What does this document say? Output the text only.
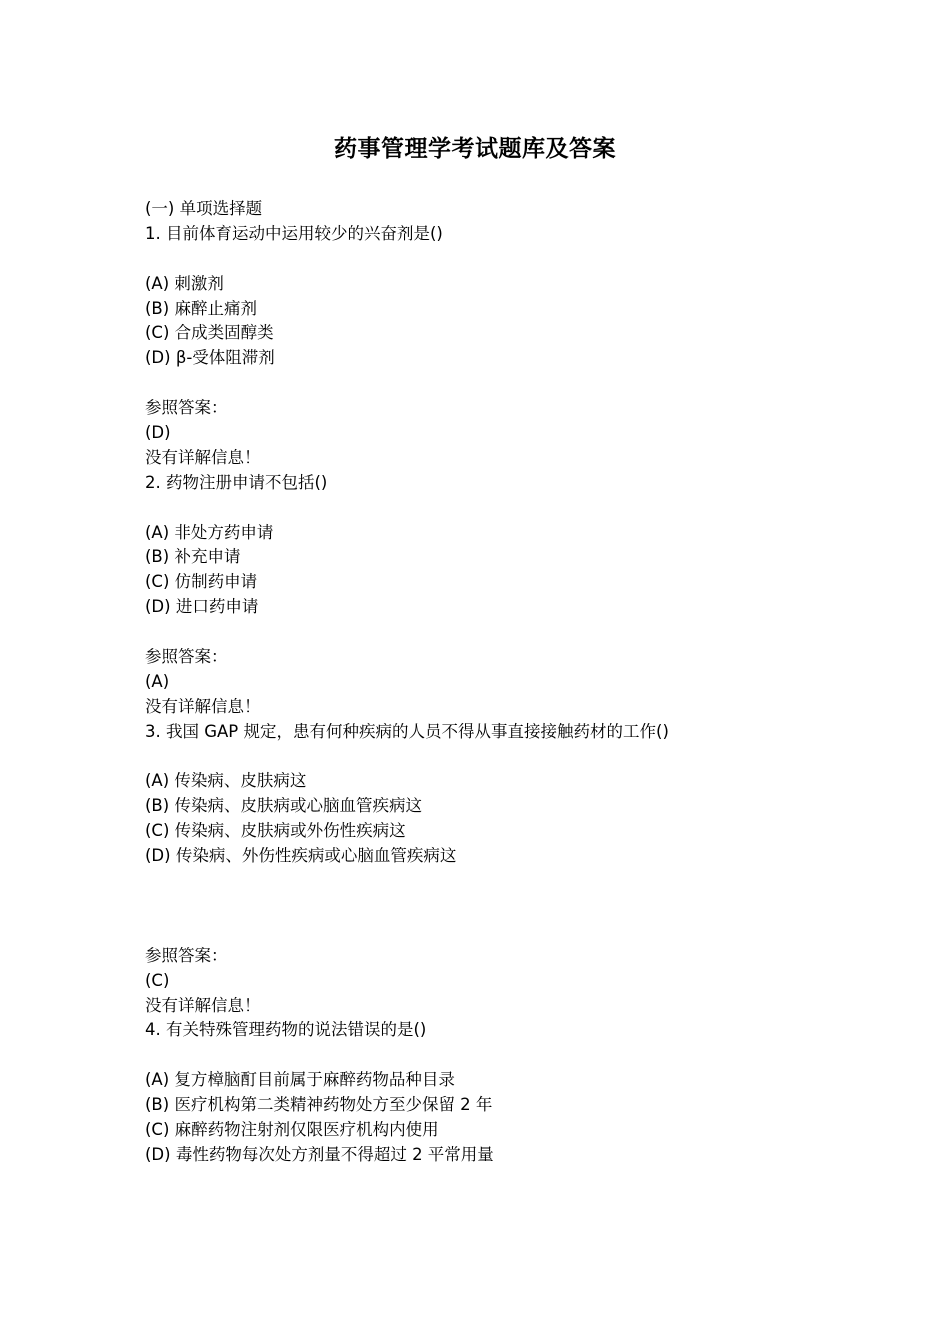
药事管理学考试题库及答案
(一) 单项选择题
1. 目前体育运动中运用较少的兴奋剂是()
(A) 刺激剂
(B) 麻醉止痛剂
(C) 合成类固醇类
(D) β-受体阻滞剂
参照答案：
(D)
没有详解信息！
2. 药物注册申请不包括()
(A) 非处方药申请
(B) 补充申请
(C) 仿制药申请
(D) 进口药申请
参照答案：
(A)
没有详解信息！
3. 我国 GAP 规定，患有何种疾病的人员不得从事直接接触药材的工作()
(A) 传染病、皮肤病这
(B) 传染病、皮肤病或心脑血管疾病这
(C) 传染病、皮肤病或外伤性疾病这
(D) 传染病、外伤性疾病或心脑血管疾病这
参照答案：
(C)
没有详解信息！
4. 有关特殊管理药物的说法错误的是()
(A) 复方樟脑酊目前属于麻醉药物品种目录
(B) 医疗机构第二类精神药物处方至少保留 2 年
(C) 麻醉药物注射剂仅限医疗机构内使用
(D) 毒性药物每次处方剂量不得超过 2 平常用量
